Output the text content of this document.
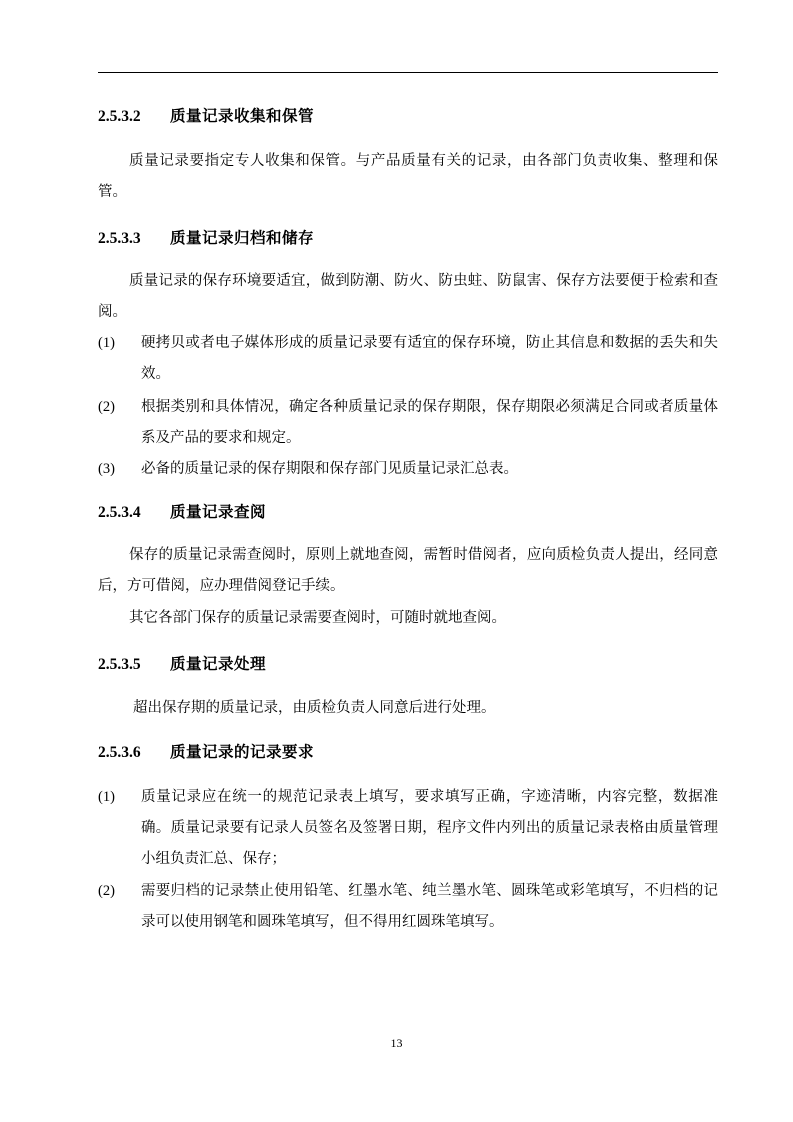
2.5.3.2 质量记录收集和保管
质量记录要指定专人收集和保管。与产品质量有关的记录，由各部门负责收集、整理和保管。
2.5.3.3 质量记录归档和储存
质量记录的保存环境要适宜，做到防潮、防火、防虫蛀、防鼠害、保存方法要便于检索和查阅。
(1) 硬拷贝或者电子媒体形成的质量记录要有适宜的保存环境，防止其信息和数据的丢失和失效。
(2) 根据类别和具体情况，确定各种质量记录的保存期限，保存期限必须满足合同或者质量体系及产品的要求和规定。
(3) 必备的质量记录的保存期限和保存部门见质量记录汇总表。
2.5.3.4 质量记录查阅
保存的质量记录需查阅时，原则上就地查阅，需暂时借阅者，应向质检负责人提出，经同意后，方可借阅，应办理借阅登记手续。
其它各部门保存的质量记录需要查阅时，可随时就地查阅。
2.5.3.5 质量记录处理
超出保存期的质量记录，由质检负责人同意后进行处理。
2.5.3.6 质量记录的记录要求
(1) 质量记录应在统一的规范记录表上填写，要求填写正确，字迹清晰，内容完整，数据准确。质量记录要有记录人员签名及签署日期，程序文件内列出的质量记录表格由质量管理小组负责汇总、保存；
(2) 需要归档的记录禁止使用铅笔、红墨水笔、纯兰墨水笔、圆珠笔或彩笔填写，不归档的记录可以使用钢笔和圆珠笔填写，但不得用红圆珠笔填写。
13
